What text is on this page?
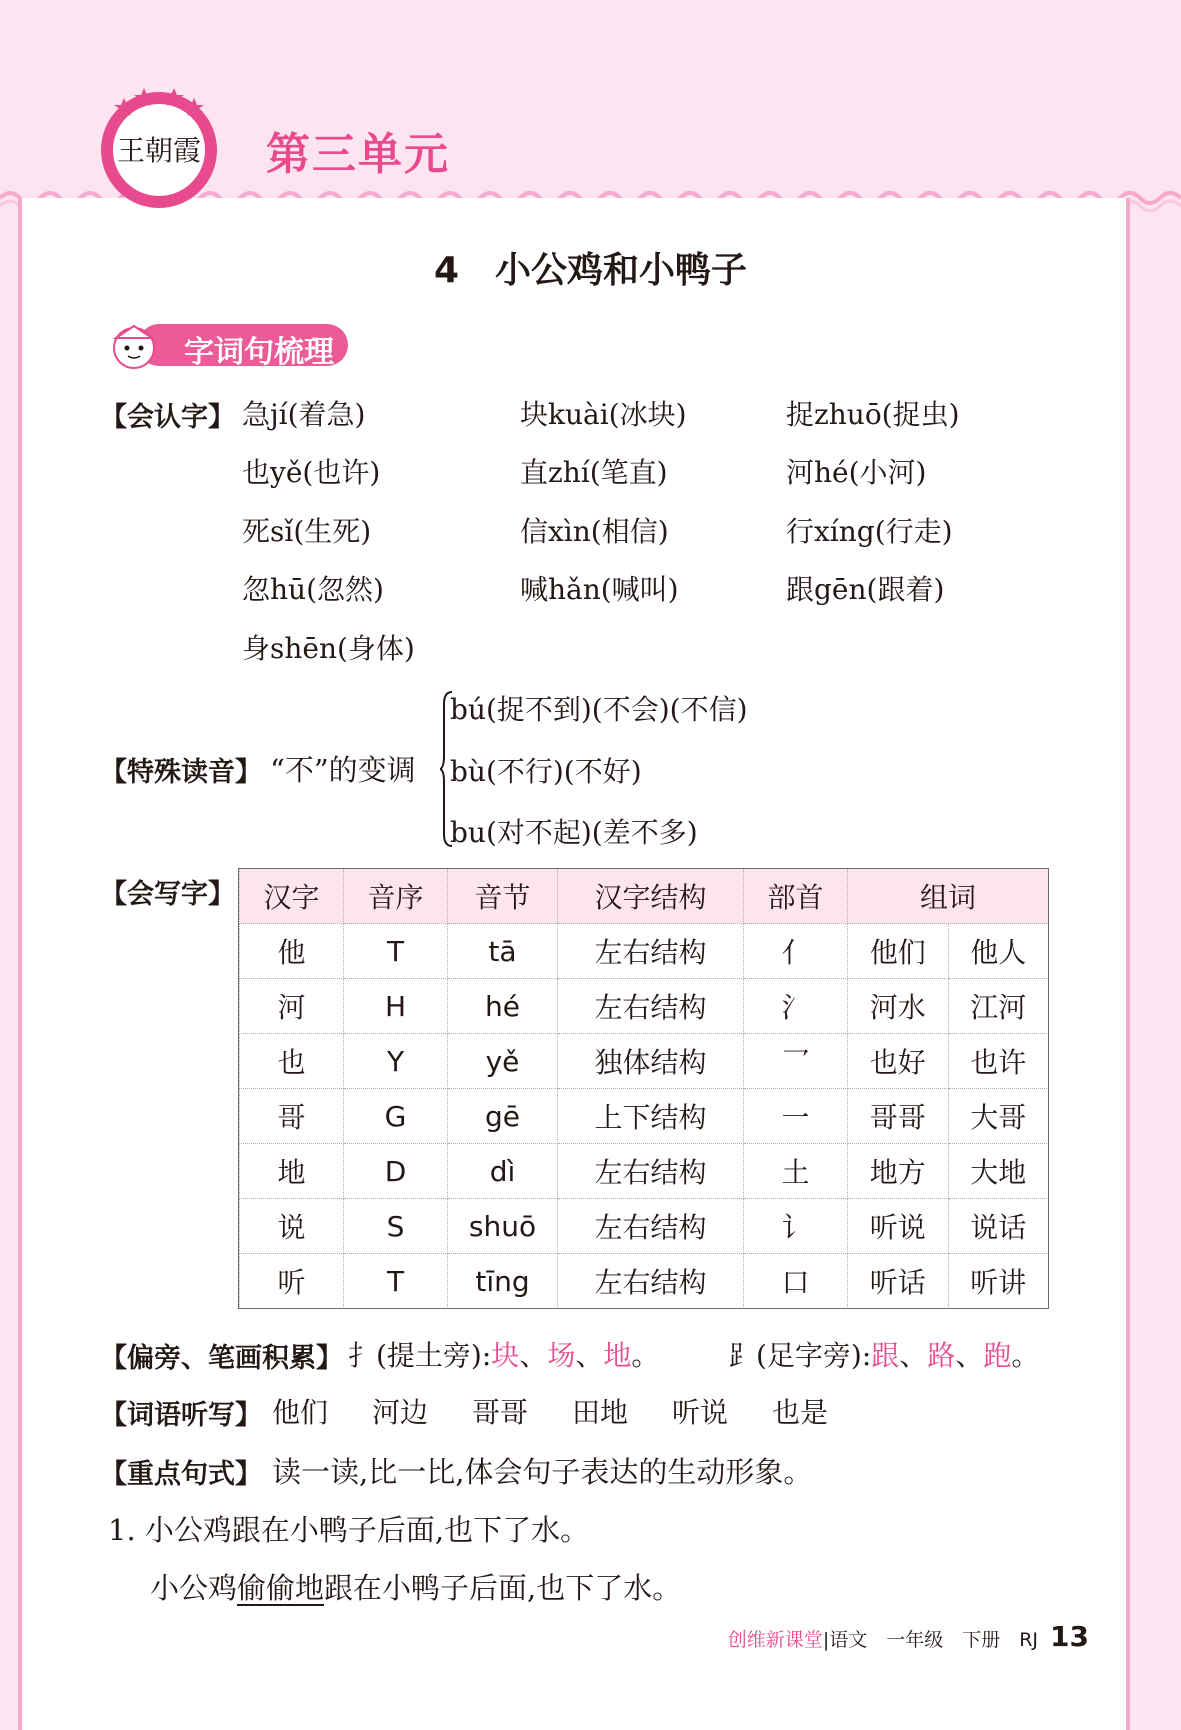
王朝霞 第三单元
4　小公鸡和小鸭子
字词句梳理
【会认字】 急jí(着急)	块kuài(冰块)	捉zhuō(捉虫)
也yě(也许)	直zhí(笔直)	河hé(小河)
死sǐ(生死)	信xìn(相信)	行xíng(行走)
忽hū(忽然)	喊hǎn(喊叫)	跟gēn(跟着)
身shēn(身体)
【特殊读音】 “不”的变调
bú(捉不到)(不会)(不信)
bù(不行)(不好)
bu(对不起)(差不多)
【会写字】 汉字	音序	音节	汉字结构	部首	组词	
他	T	tā	左右结构	亻	他们	他人
河	H	hé	左右结构	氵	河水	江河
也	Y	yě	独体结构	乛	也好	也许
哥	G	gē	上下结构	一	哥哥	大哥
地	D	dì	左右结构	土	地方	大地
说	S	shuō	左右结构	讠	听说	说话
听	T	tīng	左右结构	口	听话	听讲
【偏旁、笔画积累】 扌(提土旁):块、场、地。 ⻊(足字旁):跟、路、跑。
【词语听写】 他们 河边 哥哥 田地 听说 也是
【重点句式】 读一读,比一比,体会句子表达的生动形象。
1. 小公鸡跟在小鸭子后面,也下了水。
小公鸡偷偷地跟在小鸭子后面,也下了水。
创维新课堂|语文　一年级　下册　RJ 13
